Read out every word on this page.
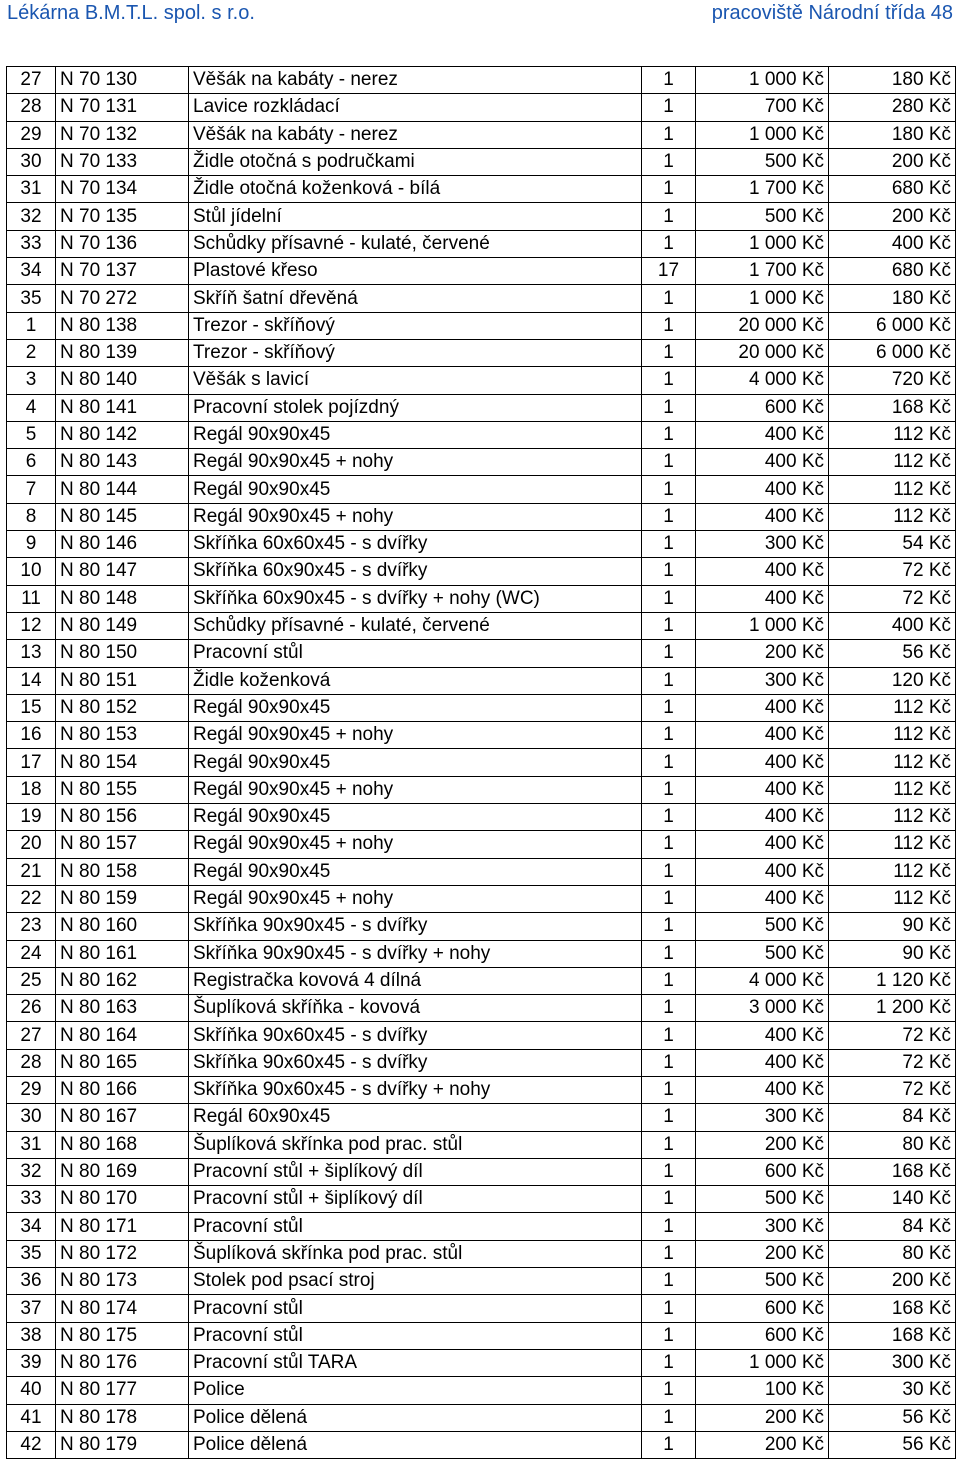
Lékárna B.M.T.L. spol. s r.o.	pracoviště Národní třída 48
27	N 70 130	Věšák na kabáty - nerez	1	1 000 Kč	180 Kč
28	N 70 131	Lavice rozkládací	1	700 Kč	280 Kč
29	N 70 132	Věšák na kabáty - nerez	1	1 000 Kč	180 Kč
30	N 70 133	Židle otočná s područkami	1	500 Kč	200 Kč
31	N 70 134	Židle otočná koženková - bílá	1	1 700 Kč	680 Kč
32	N 70 135	Stůl jídelní	1	500 Kč	200 Kč
33	N 70 136	Schůdky přísavné - kulaté, červené	1	1 000 Kč	400 Kč
34	N 70 137	Plastové křeso	17	1 700 Kč	680 Kč
35	N 70 272	Skříň šatní dřevěná	1	1 000 Kč	180 Kč
1	N 80 138	Trezor - skříňový	1	20 000 Kč	6 000 Kč
2	N 80 139	Trezor - skříňový	1	20 000 Kč	6 000 Kč
3	N 80 140	Věšák s lavicí	1	4 000 Kč	720 Kč
4	N 80 141	Pracovní stolek pojízdný	1	600 Kč	168 Kč
5	N 80 142	Regál 90x90x45	1	400 Kč	112 Kč
6	N 80 143	Regál 90x90x45 + nohy	1	400 Kč	112 Kč
7	N 80 144	Regál 90x90x45	1	400 Kč	112 Kč
8	N 80 145	Regál 90x90x45 + nohy	1	400 Kč	112 Kč
9	N 80 146	Skříňka 60x60x45 - s dvířky	1	300 Kč	54 Kč
10	N 80 147	Skříňka 60x90x45 - s dvířky	1	400 Kč	72 Kč
11	N 80 148	Skříňka 60x90x45 - s dvířky + nohy (WC)	1	400 Kč	72 Kč
12	N 80 149	Schůdky přísavné - kulaté, červené	1	1 000 Kč	400 Kč
13	N 80 150	Pracovní stůl	1	200 Kč	56 Kč
14	N 80 151	Židle koženková	1	300 Kč	120 Kč
15	N 80 152	Regál 90x90x45	1	400 Kč	112 Kč
16	N 80 153	Regál 90x90x45 + nohy	1	400 Kč	112 Kč
17	N 80 154	Regál 90x90x45	1	400 Kč	112 Kč
18	N 80 155	Regál 90x90x45 + nohy	1	400 Kč	112 Kč
19	N 80 156	Regál 90x90x45	1	400 Kč	112 Kč
20	N 80 157	Regál 90x90x45 + nohy	1	400 Kč	112 Kč
21	N 80 158	Regál 90x90x45	1	400 Kč	112 Kč
22	N 80 159	Regál 90x90x45 + nohy	1	400 Kč	112 Kč
23	N 80 160	Skříňka 90x90x45 - s dvířky	1	500 Kč	90 Kč
24	N 80 161	Skříňka 90x90x45 - s dvířky + nohy	1	500 Kč	90 Kč
25	N 80 162	Registračka kovová 4 dílná	1	4 000 Kč	1 120 Kč
26	N 80 163	Šuplíková skříňka - kovová	1	3 000 Kč	1 200 Kč
27	N 80 164	Skříňka 90x60x45 - s dvířky	1	400 Kč	72 Kč
28	N 80 165	Skříňka 90x60x45 - s dvířky	1	400 Kč	72 Kč
29	N 80 166	Skříňka 90x60x45 - s dvířky + nohy	1	400 Kč	72 Kč
30	N 80 167	Regál 60x90x45	1	300 Kč	84 Kč
31	N 80 168	Šuplíková skřínka pod prac. stůl	1	200 Kč	80 Kč
32	N 80 169	Pracovní stůl + šiplíkový díl	1	600 Kč	168 Kč
33	N 80 170	Pracovní stůl + šiplíkový díl	1	500 Kč	140 Kč
34	N 80 171	Pracovní stůl	1	300 Kč	84 Kč
35	N 80 172	Šuplíková skřínka pod prac. stůl	1	200 Kč	80 Kč
36	N 80 173	Stolek pod psací stroj	1	500 Kč	200 Kč
37	N 80 174	Pracovní stůl	1	600 Kč	168 Kč
38	N 80 175	Pracovní stůl	1	600 Kč	168 Kč
39	N 80 176	Pracovní stůl TARA	1	1 000 Kč	300 Kč
40	N 80 177	Police	1	100 Kč	30 Kč
41	N 80 178	Police dělená	1	200 Kč	56 Kč
42	N 80 179	Police dělená	1	200 Kč	56 Kč
